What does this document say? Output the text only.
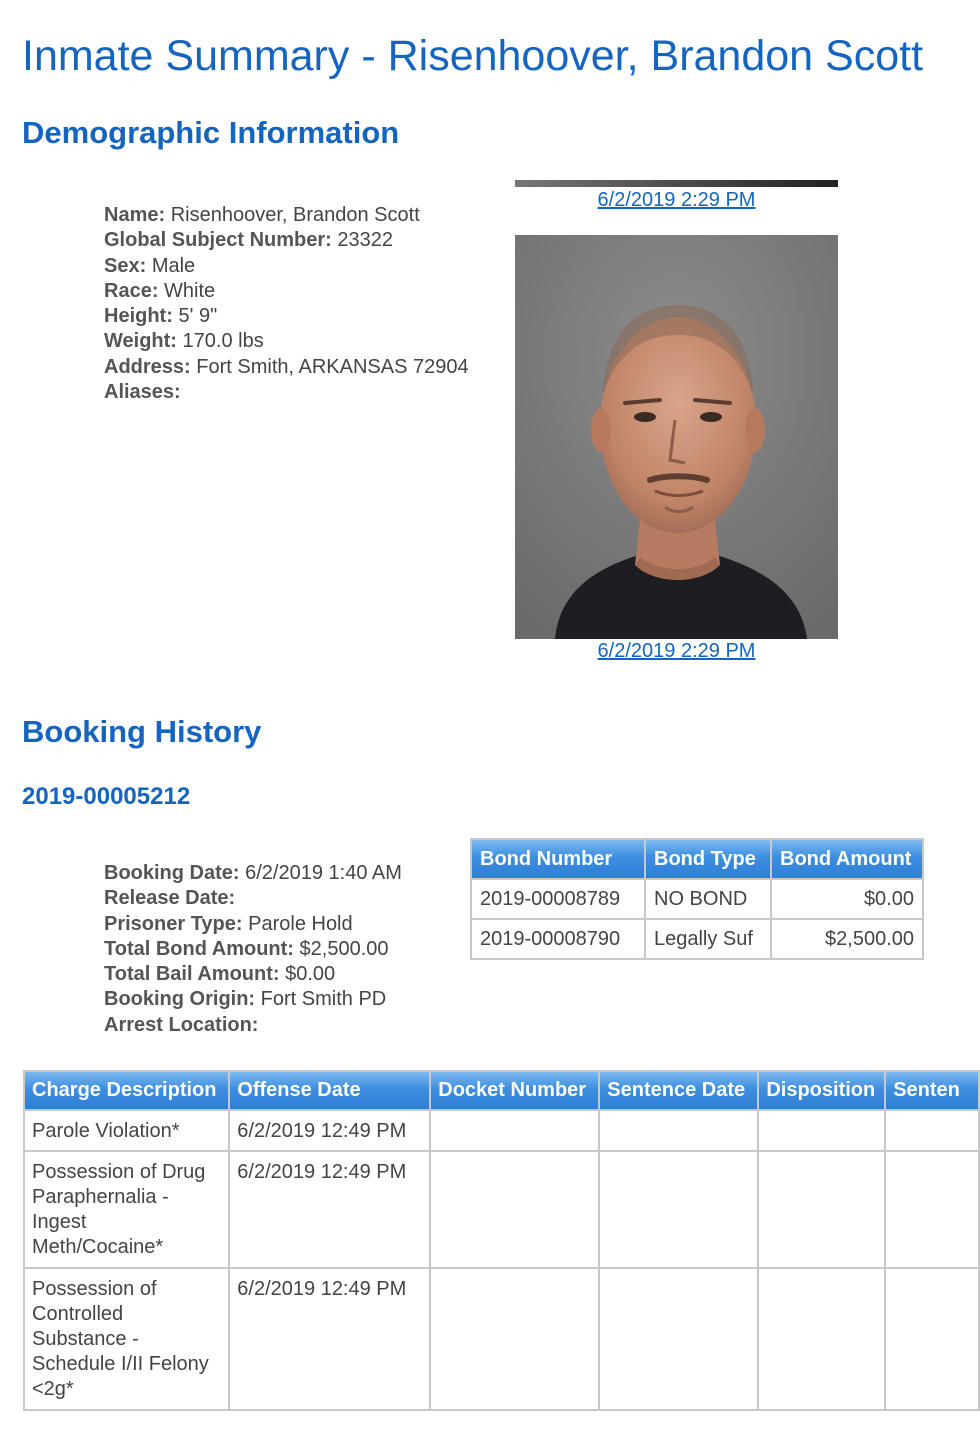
Inmate Summary - Risenhoover, Brandon Scott
Demographic Information
Name: Risenhoover, Brandon Scott
Global Subject Number: 23322
Sex: Male
Race: White
Height: 5' 9"
Weight: 170.0 lbs
Address: Fort Smith, ARKANSAS 72904
Aliases:
6/2/2019 2:29 PM
6/2/2019 2:29 PM
Booking History
2019-00005212
Booking Date: 6/2/2019 1:40 AM
Release Date:
Prisoner Type: Parole Hold
Total Bond Amount: $2,500.00
Total Bail Amount: $0.00
Booking Origin: Fort Smith PD
Arrest Location:
Bond Number	Bond Type	Bond Amount
2019-00008789	NO BOND	$0.00
2019-00008790	Legally Suf	$2,500.00
Charge Description	Offense Date	Docket Number	Sentence Date	Disposition	Senten
Parole Violation*	6/2/2019 12:49 PM				
Possession of Drug Paraphernalia - Ingest Meth/Cocaine*	6/2/2019 12:49 PM				
Possession of Controlled Substance - Schedule I/II Felony <2g*	6/2/2019 12:49 PM				
